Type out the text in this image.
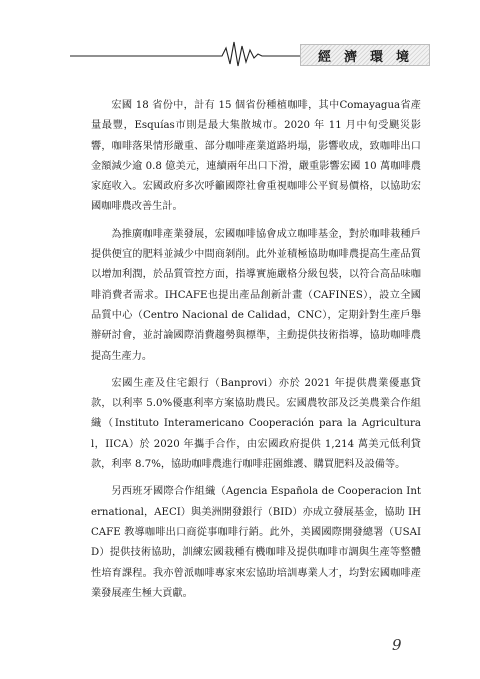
經濟環境

宏國 18 省份中，計有 15 個省份種植咖啡，其中Comayagua省產量最豐，Esquías市則是最大集散城市。2020 年 11 月中旬受颶災影響，咖啡落果情形嚴重、部分咖啡產業道路坍塌，影響收成，致咖啡出口金額減少逾 0.8 億美元，連續兩年出口下滑，嚴重影響宏國 10 萬咖啡農家庭收入。宏國政府多次呼籲國際社會重視咖啡公平貿易價格，以協助宏國咖啡農改善生計。

為推廣咖啡產業發展，宏國咖啡協會成立咖啡基金，對於咖啡栽種戶提供便宜的肥料並減少中間商剝削。此外並積極協助咖啡農提高生產品質以增加利潤，於品質管控方面，指導實施嚴格分級包裝，以符合高品味咖啡消費者需求。IHCAFE也提出產品創新計畫（CAFINES），設立全國品質中心（Centro Nacional de Calidad，CNC），定期針對生產戶舉辦研討會，並討論國際消費趨勢與標準，主動提供技術指導，協助咖啡農提高生產力。

宏國生產及住宅銀行（Banprovi）亦於 2021 年提供農業優惠貸款，以利率 5.0%優惠利率方案協助農民。宏國農牧部及泛美農業合作組織（Instituto Interamericano Cooperación para la Agricultural，IICA）於 2020 年攜手合作，由宏國政府提供 1,214 萬美元低利貸款，利率 8.7%，協助咖啡農進行咖啡莊園維護、購買肥料及設備等。

另西班牙國際合作組織（Agencia Española de Cooperacion International，AECI）與美洲開發銀行（BID）亦成立發展基金，協助 IHCAFE 教導咖啡出口商從事咖啡行銷。此外，美國國際開發總署（USAID）提供技術協助，訓練宏國栽種有機咖啡及提供咖啡市調與生產等整體性培育課程。我亦曾派咖啡專家來宏協助培訓專業人才，均對宏國咖啡產業發展產生極大貢獻。

9
